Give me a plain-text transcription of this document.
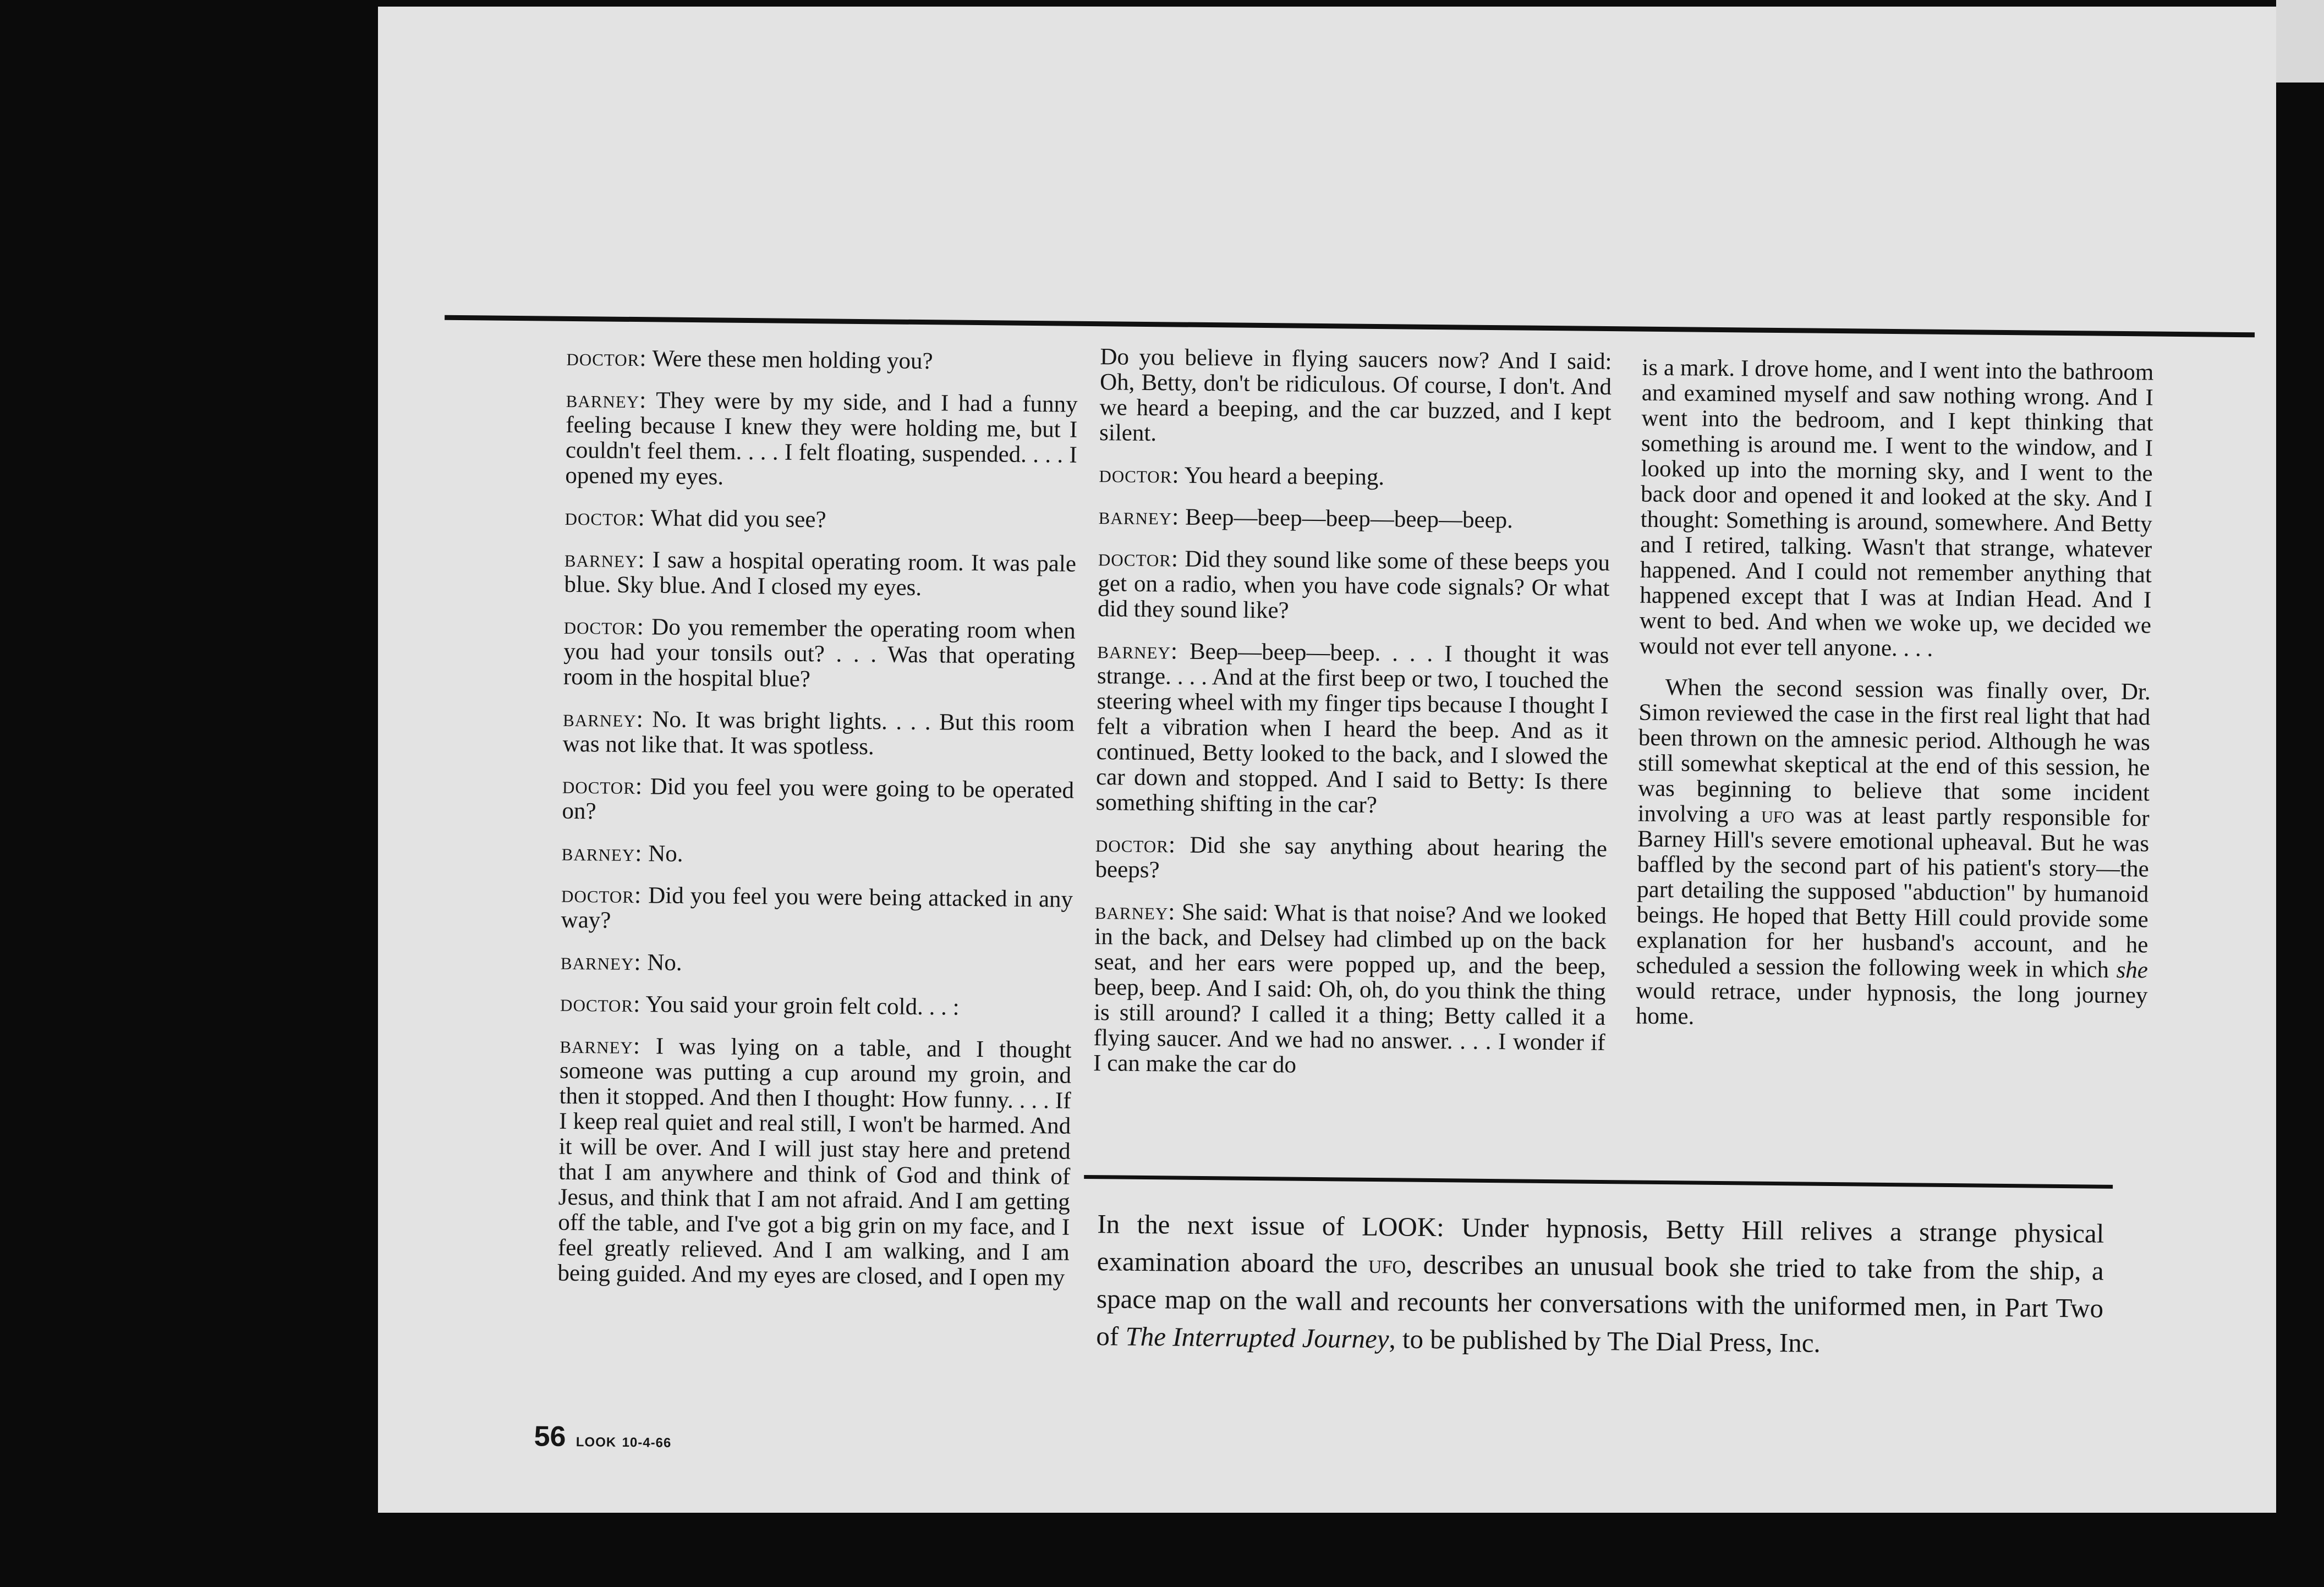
doctor: Were these men holding you?

barney: They were by my side, and I had a funny feeling because I knew they were holding me, but I couldn't feel them. . . . I felt floating, suspended. . . . I opened my eyes.

doctor: What did you see?

barney: I saw a hospital operating room. It was pale blue. Sky blue. And I closed my eyes.

doctor: Do you remember the operating room when you had your tonsils out? . . . Was that operating room in the hospital blue?

barney: No. It was bright lights. . . . But this room was not like that. It was spotless.

doctor: Did you feel you were going to be operated on?

barney: No.

doctor: Did you feel you were being attacked in any way?

barney: No.

doctor: You said your groin felt cold. . . :

barney: I was lying on a table, and I thought someone was putting a cup around my groin, and then it stopped. And then I thought: How funny. . . . If I keep real quiet and real still, I won't be harmed. And it will be over. And I will just stay here and pretend that I am anywhere and think of God and think of Jesus, and think that I am not afraid. And I am getting off the table, and I've got a big grin on my face, and I feel greatly relieved. And I am walking, and I am being guided. And my eyes are closed, and I open my

Do you believe in flying saucers now? And I said: Oh, Betty, don't be ridiculous. Of course, I don't. And we heard a beeping, and the car buzzed, and I kept silent.

doctor: You heard a beeping.

barney: Beep—beep—beep—beep—beep.

doctor: Did they sound like some of these beeps you get on a radio, when you have code signals? Or what did they sound like?

barney: Beep—beep—beep. . . . I thought it was strange. . . . And at the first beep or two, I touched the steering wheel with my finger tips because I thought I felt a vibration when I heard the beep. And as it continued, Betty looked to the back, and I slowed the car down and stopped. And I said to Betty: Is there something shifting in the car?

doctor: Did she say anything about hearing the beeps?

barney: She said: What is that noise? And we looked in the back, and Delsey had climbed up on the back seat, and her ears were popped up, and the beep, beep, beep. And I said: Oh, oh, do you think the thing is still around? I called it a thing; Betty called it a flying saucer. And we had no answer. . . . I wonder if I can make the car do

is a mark. I drove home, and I went into the bathroom and examined myself and saw nothing wrong. And I went into the bedroom, and I kept thinking that something is around me. I went to the window, and I looked up into the morning sky, and I went to the back door and opened it and looked at the sky. And I thought: Something is around, somewhere. And Betty and I retired, talking. Wasn't that strange, whatever happened. And I could not remember anything that happened except that I was at Indian Head. And I went to bed. And when we woke up, we decided we would not ever tell anyone. . . .

When the second session was finally over, Dr. Simon reviewed the case in the first real light that had been thrown on the amnesic period. Although he was still somewhat skeptical at the end of this session, he was beginning to believe that some incident involving a ufo was at least partly responsible for Barney Hill's severe emotional upheaval. But he was baffled by the second part of his patient's story—the part detailing the supposed "abduction" by humanoid beings. He hoped that Betty Hill could provide some explanation for her husband's account, and he scheduled a session the following week in which she would retrace, under hypnosis, the long journey home.

In the next issue of LOOK: Under hypnosis, Betty Hill relives a strange physical examination aboard the ufo, describes an unusual book she tried to take from the ship, a space map on the wall and recounts her conversations with the uniformed men, in Part Two of The Interrupted Journey, to be published by The Dial Press, Inc.
56 LOOK 10-4-66
